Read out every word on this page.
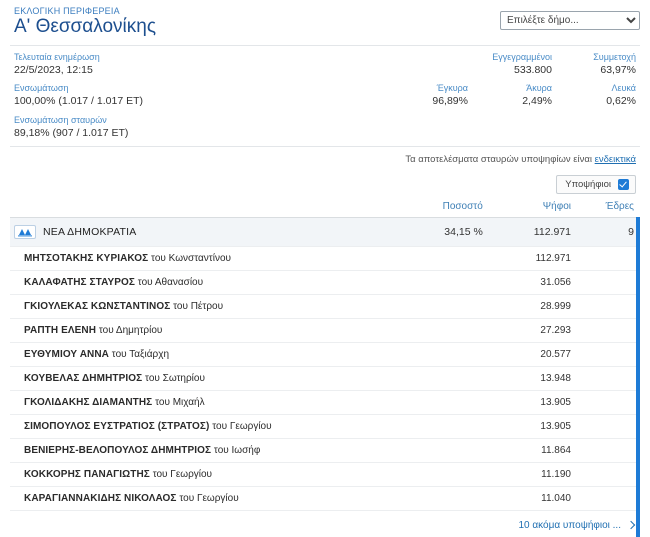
ΕΚΛΟΓΙΚΗ ΠΕΡΙΦΕΡΕΙΑ
Α' Θεσσαλονίκης
Επιλέξτε δήμο...
Τελευταία ενημέρωση
22/5/2023, 12:15
Εγγεγραμμένοι
533.800
Συμμετοχή
63,97%
Ενσωμάτωση
100,00% (1.017 / 1.017 ΕΤ)
Έγκυρα
96,89%
Άκυρα
2,49%
Λευκά
0,62%
Ενσωμάτωση σταυρών
89,18% (907 / 1.017 ΕΤ)
Τα αποτελέσματα σταυρών υποψηφίων είναι ενδεικτικά
Υποψήφιοι
	Ποσοστό	Ψήφοι	Έδρες

ΝΕΑ ΔΗΜΟΚΡΑΤΙΑ	34,15 %	112.971	9
ΜΗΤΣΟΤΑΚΗΣ ΚΥΡΙΑΚΟΣ του Κωνσταντίνου		112.971	
ΚΑΛΑΦΑΤΗΣ ΣΤΑΥΡΟΣ του Αθανασίου		31.056	
ΓΚΙΟΥΛΕΚΑΣ ΚΩΝΣΤΑΝΤΙΝΟΣ του Πέτρου		28.999	
ΡΑΠΤΗ ΕΛΕΝΗ του Δημητρίου		27.293	
ΕΥΘΥΜΙΟΥ ΑΝΝΑ του Ταξιάρχη		20.577	
ΚΟΥΒΕΛΑΣ ΔΗΜΗΤΡΙΟΣ του Σωτηρίου		13.948	
ΓΚΟΛΙΔΑΚΗΣ ΔΙΑΜΑΝΤΗΣ του Μιχαήλ		13.905	
ΣΙΜΟΠΟΥΛΟΣ ΕΥΣΤΡΑΤΙΟΣ (ΣΤΡΑΤΟΣ) του Γεωργίου		13.905	
ΒΕΝΙΕΡΗΣ-ΒΕΛΟΠΟΥΛΟΣ ΔΗΜΗΤΡΙΟΣ του Ιωσήφ		11.864	
ΚΟΚΚΟΡΗΣ ΠΑΝΑΓΙΩΤΗΣ του Γεωργίου		11.190	
ΚΑΡΑΓΙΑΝΝΑΚΙΔΗΣ ΝΙΚΟΛΑΟΣ του Γεωργίου		11.040	

10 ακόμα υποψήφιοι ...			
